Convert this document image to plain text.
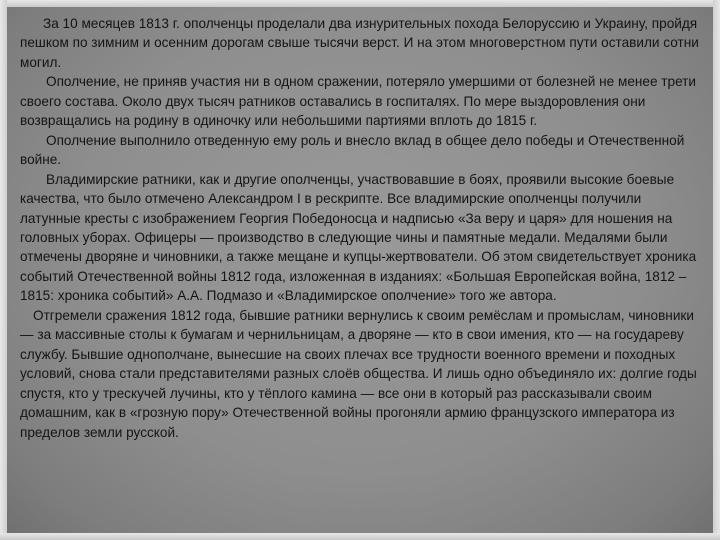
За 10 месяцев 1813 г. ополченцы проделали два изнурительных похода Белоруссию и Украину, пройдя пешком по зимним и осенним дорогам свыше тысячи верст. И на этом многоверстном пути оставили сотни могил.

Ополчение, не приняв участия ни в одном сражении, потеряло умершими от болезней не менее трети своего состава. Около двух тысяч ратников оставались в госпиталях. По мере выздоровления они возвращались на родину в одиночку или небольшими партиями вплоть до 1815 г.

Ополчение выполнило отведенную ему роль и внесло вклад в общее дело победы и Отечественной войне.

Владимирские ратники, как и другие ополченцы, участвовавшие в боях, проявили высокие боевые качества, что было отмечено Александром I в рескрипте. Все владимирские ополченцы получили латунные кресты с изображением Георгия Победоносца и надписью «За веру и царя» для ношения на головных уборах. Офицеры — производство в следующие чины и памятные медали. Медалями были отмечены дворяне и чиновники, а также мещане и купцы-жертвователи. Об этом свидетельствует хроника событий Отечественной войны 1812 года, изложенная в изданиях: «Большая Европейская война, 1812 – 1815: хроника событий» А.А. Подмазо и «Владимирское ополчение» того же автора.

Отгремели сражения 1812 года, бывшие ратники вернулись к своим ремёслам и промыслам, чиновники — за массивные столы к бумагам и чернильницам, а дворяне — кто в свои имения, кто — на государеву службу. Бывшие однополчане, вынесшие на своих плечах все трудности военного времени и походных условий, снова стали представителями разных слоёв общества. И лишь одно объединяло их: долгие годы спустя, кто у трескучей лучины, кто у тёплого камина — все они в который раз рассказывали своим домашним, как в «грозную пору» Отечественной войны прогоняли армию французского императора из пределов земли русской.
